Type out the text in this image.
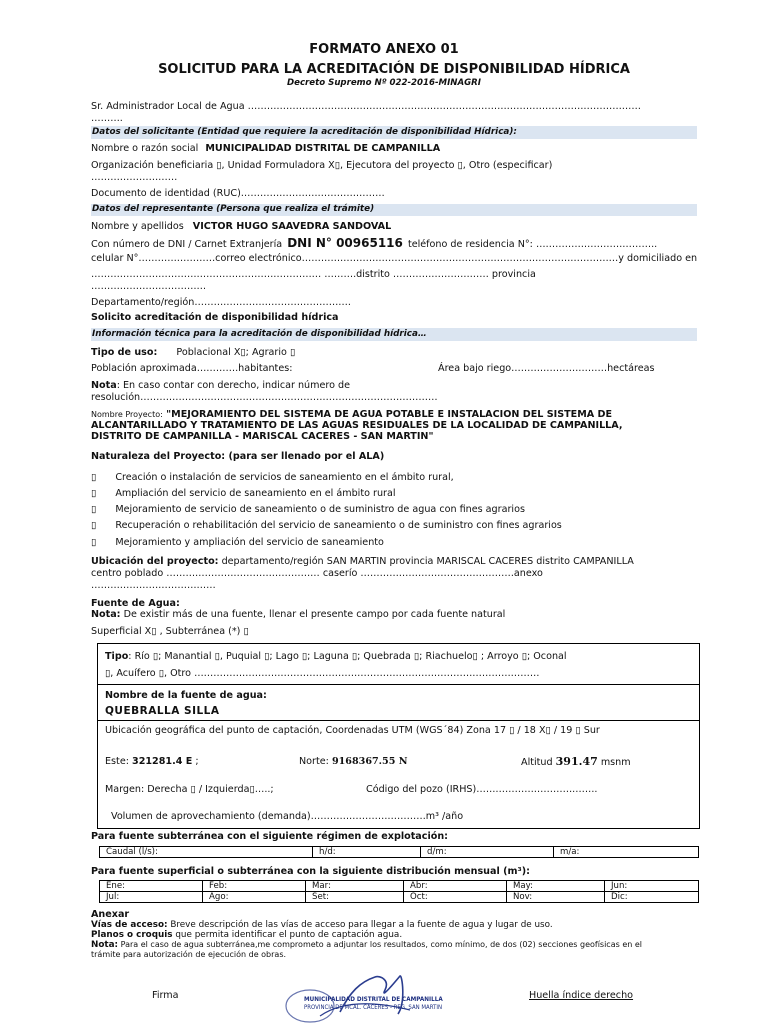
FORMATO ANEXO 01
SOLICITUD PARA LA ACREDITACIÓN DE DISPONIBILIDAD HÍDRICA
Decreto Supremo Nº 022-2016-MINAGRI
Sr. Administrador Local de Agua ……………………………………………………………………………………………………………
……….
Datos del solicitante (Entidad que requiere la acreditación de disponibilidad Hídrica):
Nombre o razón social MUNICIPALIDAD DISTRITAL DE CAMPANILLA
Organización beneficiaria ▯, Unidad Formuladora X▯, Ejecutora del proyecto ▯, Otro (especificar)
………………………
Documento de identidad (RUC)………………………………………
Datos del representante (Persona que realiza el trámite)
Nombre y apellidos VICTOR HUGO SAAVEDRA SANDOVAL
Con número de DNI / Carnet Extranjería DNI N° 00965116 teléfono de residencia N°: ………………………………..
celular N°……………………correo electrónico………………………………………………………………………………………y domiciliado en
……………………………………………………………… ……….distrito ………………………… provincia
………………………………
Departamento/región………………………………………….
Solicito acreditación de disponibilidad hídrica
Información técnica para la acreditación de disponibilidad hídrica…
Tipo de uso: Poblacional X▯; Agrario ▯
Población aproximada………….habitantes:	Área bajo riego…………………………hectáreas
Nota: En caso contar con derecho, indicar número de
resolución…………………………………………………………………………………
Nombre Proyecto: "MEJORAMIENTO DEL SISTEMA DE AGUA POTABLE E INSTALACION DEL SISTEMA DE
ALCANTARILLADO Y TRATAMIENTO DE LAS AGUAS RESIDUALES DE LA LOCALIDAD DE CAMPANILLA,
DISTRITO DE CAMPANILLA - MARISCAL CACERES - SAN MARTIN"
Naturaleza del Proyecto: (para ser llenado por el ALA)
▯ Creación o instalación de servicios de saneamiento en el ámbito rural,
▯ Ampliación del servicio de saneamiento en el ámbito rural
▯ Mejoramiento de servicio de saneamiento o de suministro de agua con fines agrarios
▯ Recuperación o rehabilitación del servicio de saneamiento o de suministro con fines agrarios
▯ Mejoramiento y ampliación del servicio de saneamiento
Ubicación del proyecto: departamento/región SAN MARTIN provincia MARISCAL CACERES distrito CAMPANILLA
centro poblado ………………………………………… caserío …………………………………………anexo
…………………………………
Fuente de Agua:
Nota: De existir más de una fuente, llenar el presente campo por cada fuente natural
Superficial X▯ , Subterránea (*) ▯
Tipo: Río ▯; Manantial ▯, Puquial ▯; Lago ▯; Laguna ▯; Quebrada ▯; Riachuelo▯ ; Arroyo ▯; Oconal
▯, Acuífero ▯, Otro ………………………………………………………………………………………………
Nombre de la fuente de agua:
QUEBRALLA SILLA
Ubicación geográfica del punto de captación, Coordenadas UTM (WGS´84) Zona 17 ▯ / 18 X▯ / 19 ▯ Sur
Este: 321281.4 E ;	Norte: 9168367.55 N	Altitud 391.47 msnm
Margen: Derecha ▯ / Izquierda▯…..;	Código del pozo (IRHS)………………………….…….
Volumen de aprovechamiento (demanda)………………………………m³ /año
Para fuente subterránea con el siguiente régimen de explotación:
Caudal (l/s):	h/d:	d/m:	m/a:
Para fuente superficial o subterránea con la siguiente distribución mensual (m³):
Ene:	Feb:	Mar:	Abr:	May:	Jun:
Jul:	Ago:	Set:	Oct:	Nov:	Dic:
Anexar
Vías de acceso: Breve descripción de las vías de acceso para llegar a la fuente de agua y lugar de uso.
Planos o croquis que permita identificar el punto de captación agua.
Nota: Para el caso de agua subterránea,me comprometo a adjuntar los resultados, como mínimo, de dos (02) secciones geofísicas en el
trámite para autorización de ejecución de obras.
Firma	Huella índice derecho
MUNICIPALIDAD DISTRITAL DE CAMPANILLA
PROVINCIA DE MCAL. CACERES - REG. SAN MARTIN
